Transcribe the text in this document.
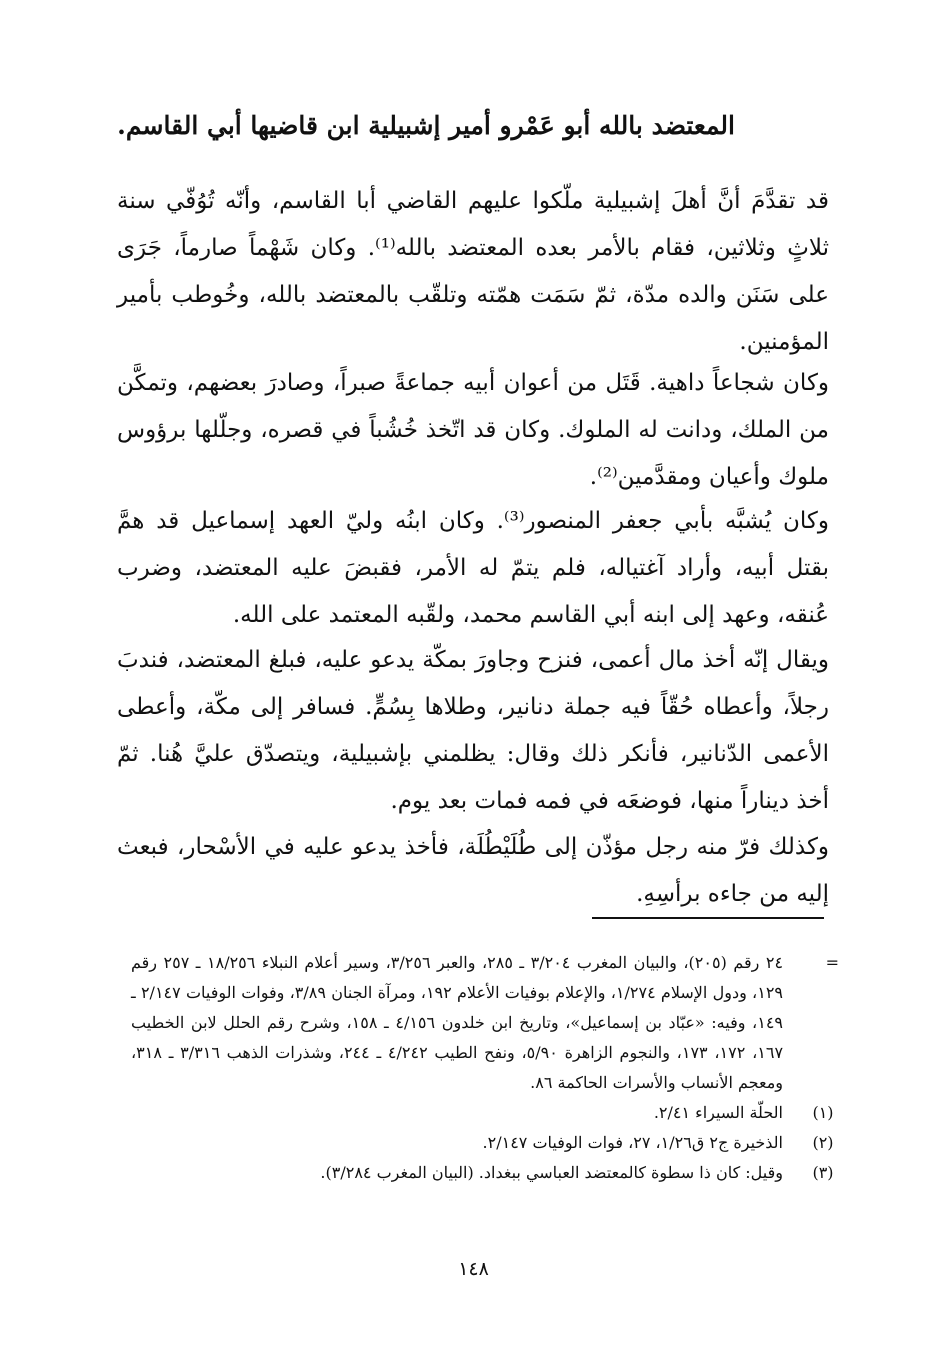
المعتضد بالله أبو عَمْرو أمير إشبيلية ابن قاضيها أبي القاسم.

قد تقدَّمَ أنَّ أهلَ إشبيلية ملّكوا عليهم القاضي أبا القاسم، وأنّه تُوُفّي سنة ثلاثٍ وثلاثين، فقام بالأمر بعده المعتضد بالله⁽¹⁾. وكان شَهْماً صارماً، جَرَى على سَنَن والده مدّة، ثمّ سَمَت همّته وتلقّب بالمعتضد بالله، وخُوطب بأمير المؤمنين.

وكان شجاعاً داهية. قَتَل من أعوان أبيه جماعةً صبراً، وصادرَ بعضهم، وتمكَّن من الملك، ودانت له الملوك. وكان قد اتّخذ خُشُباً في قصره، وجلّلها برؤوس ملوك وأعيان ومقدَّمين⁽²⁾.

وكان يُشبَّه بأبي جعفر المنصور⁽³⁾. وكان ابنُه وليّ العهد إسماعيل قد همَّ بقتل أبيه، وأراد آغتياله، فلم يتمّ له الأمر، فقبضَ عليه المعتضد، وضرب عُنقه، وعهد إلى ابنه أبي القاسم محمد، ولقّبه المعتمد على الله.

ويقال إنّه أخذ مال أعمى، فنزح وجاورَ بمكّة يدعو عليه، فبلغ المعتضد، فندبَ رجلاً، وأعطاه حُقّاً فيه جملة دنانير، وطلاها بِسُمٍّ. فسافر إلى مكّة، وأعطى الأعمى الدّنانير، فأنكر ذلك وقال: يظلمني بإشبيلية، ويتصدّق عليَّ هُنا. ثمّ أخذ ديناراً منها، فوضعَه في فمه فمات بعد يوم.

وكذلك فرّ منه رجل مؤذّن إلى طُلَيْطُلَة، فأخذ يدعو عليه في الأسْحار، فبعث إليه من جاءه برأسِهِ.

=
٢٤ رقم (٢٠٥)، والبيان المغرب ٣/٢٠٤ ـ ٢٨٥، والعبر ٣/٢٥٦، وسير أعلام النبلاء ١٨/٢٥٦ ـ ٢٥٧ رقم ١٢٩، ودول الإسلام ١/٢٧٤، والإعلام بوفيات الأعلام ١٩٢، ومرآة الجنان ٣/٨٩، وفوات الوفيات ٢/١٤٧ ـ ١٤٩، وفيه: «عبّاد بن إسماعيل»، وتاريخ ابن خلدون ٤/١٥٦ ـ ١٥٨، وشرح رقم الحلل لابن الخطيب ١٦٧، ١٧٢، ١٧٣، والنجوم الزاهرة ٥/٩٠، ونفح الطيب ٤/٢٤٢ ـ ٢٤٤، وشذرات الذهب ٣/٣١٦ ـ ٣١٨، ومعجم الأنساب والأسرات الحاكمة ٨٦.
(١)
الحلّة السيراء ٢/٤١.
(٢)
الذخيرة ج٢ ق١/٢٦، ٢٧، فوات الوفيات ٢/١٤٧.
(٣)
وقيل: كان ذا سطوة كالمعتضد العباسي ببغداد. (البيان المغرب ٣/٢٨٤).
١٤٨
